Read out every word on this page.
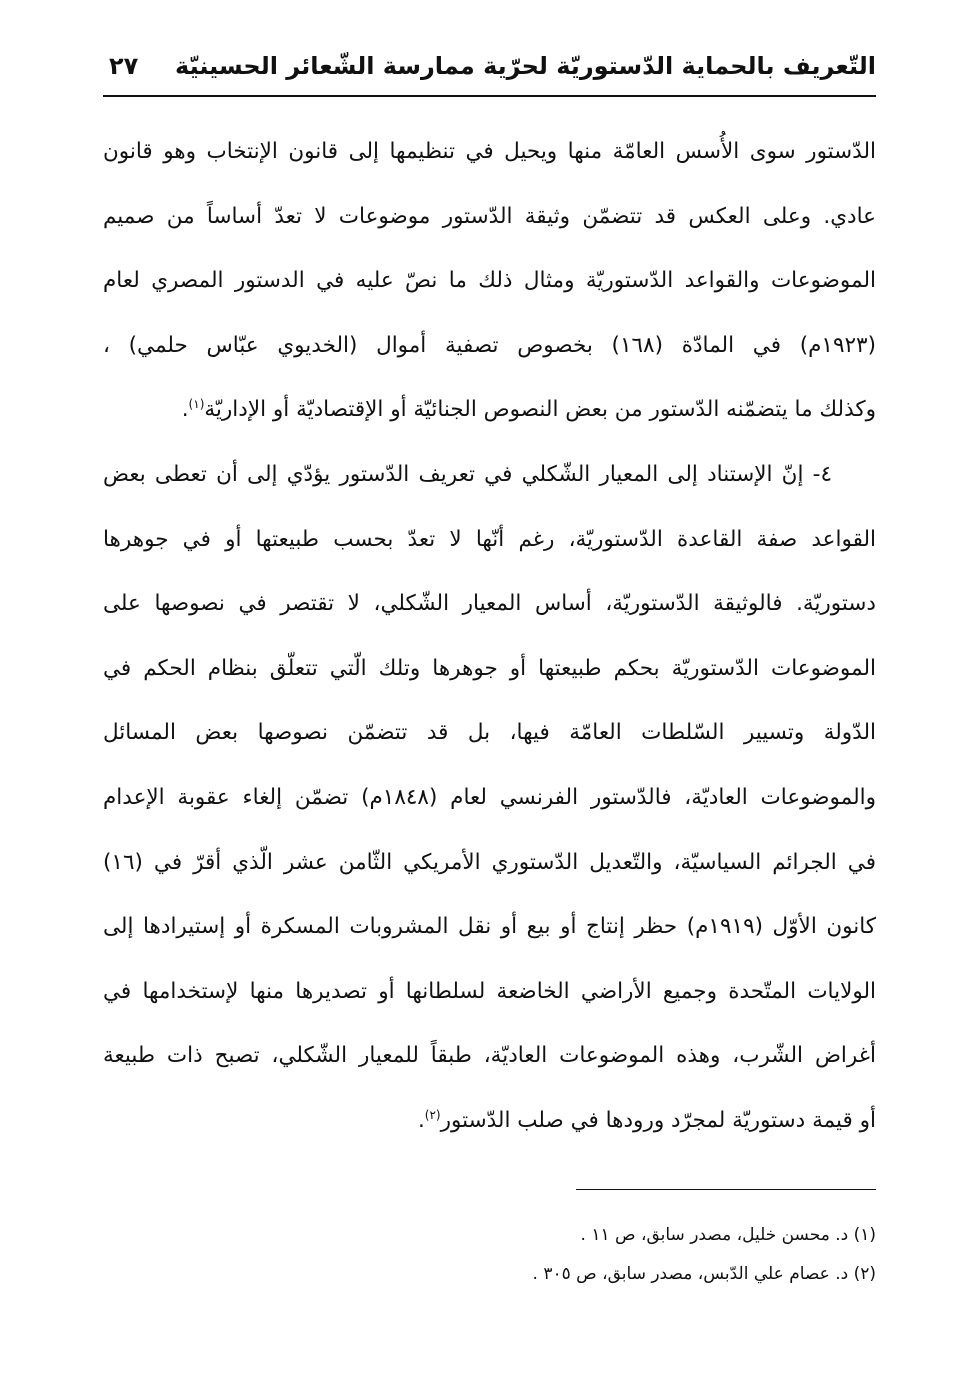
التّعريف بالحماية الدّستوريّة لحرّية ممارسة الشّعائر الحسينيّة
٢٧
الدّستور سوى الأُسس العامّة منها ويحيل في تنظيمها إلى قانون الإنتخاب وهو قانون
عادي. وعلى العكس قد تتضمّن وثيقة الدّستور موضوعات لا تعدّ أساساً من صميم
الموضوعات والقواعد الدّستوريّة ومثال ذلك ما نصّ عليه في الدستور المصري لعام
(١٩٢٣م) في المادّة (١٦٨) بخصوص تصفية أموال (الخديوي عبّاس حلمي) ،
وكذلك ما يتضمّنه الدّستور من بعض النصوص الجنائيّة أو الإقتصاديّة أو الإداريّة$^{(١)}$.
٤- إنّ الإستناد إلى المعيار الشّكلي في تعريف الدّستور يؤدّي إلى أن تعطى بعض
القواعد صفة القاعدة الدّستوريّة، رغم أنّها لا تعدّ بحسب طبيعتها أو في جوهرها
دستوريّة. فالوثيقة الدّستوريّة، أساس المعيار الشّكلي، لا تقتصر في نصوصها على
الموضوعات الدّستوريّة بحكم طبيعتها أو جوهرها وتلك الّتي تتعلّق بنظام الحكم في
الدّولة وتسيير السّلطات العامّة فيها، بل قد تتضمّن نصوصها بعض المسائل
والموضوعات العاديّة، فالدّستور الفرنسي لعام (١٨٤٨م) تضمّن إلغاء عقوبة الإعدام
في الجرائم السياسيّة، والتّعديل الدّستوري الأمريكي الثّامن عشر الّذي أقرّ في (١٦)
كانون الأوّل (١٩١٩م) حظر إنتاج أو بيع أو نقل المشروبات المسكرة أو إستيرادها إلى
الولايات المتّحدة وجميع الأراضي الخاضعة لسلطانها أو تصديرها منها لإستخدامها في
أغراض الشّرب، وهذه الموضوعات العاديّة، طبقاً للمعيار الشّكلي، تصبح ذات طبيعة
أو قيمة دستوريّة لمجرّد ورودها في صلب الدّستور$^{(٢)}$.
(١) د. محسن خليل، مصدر سابق، ص ١١ .
(٢) د. عصام علي الدّبس، مصدر سابق، ص ٣٠٥ .
